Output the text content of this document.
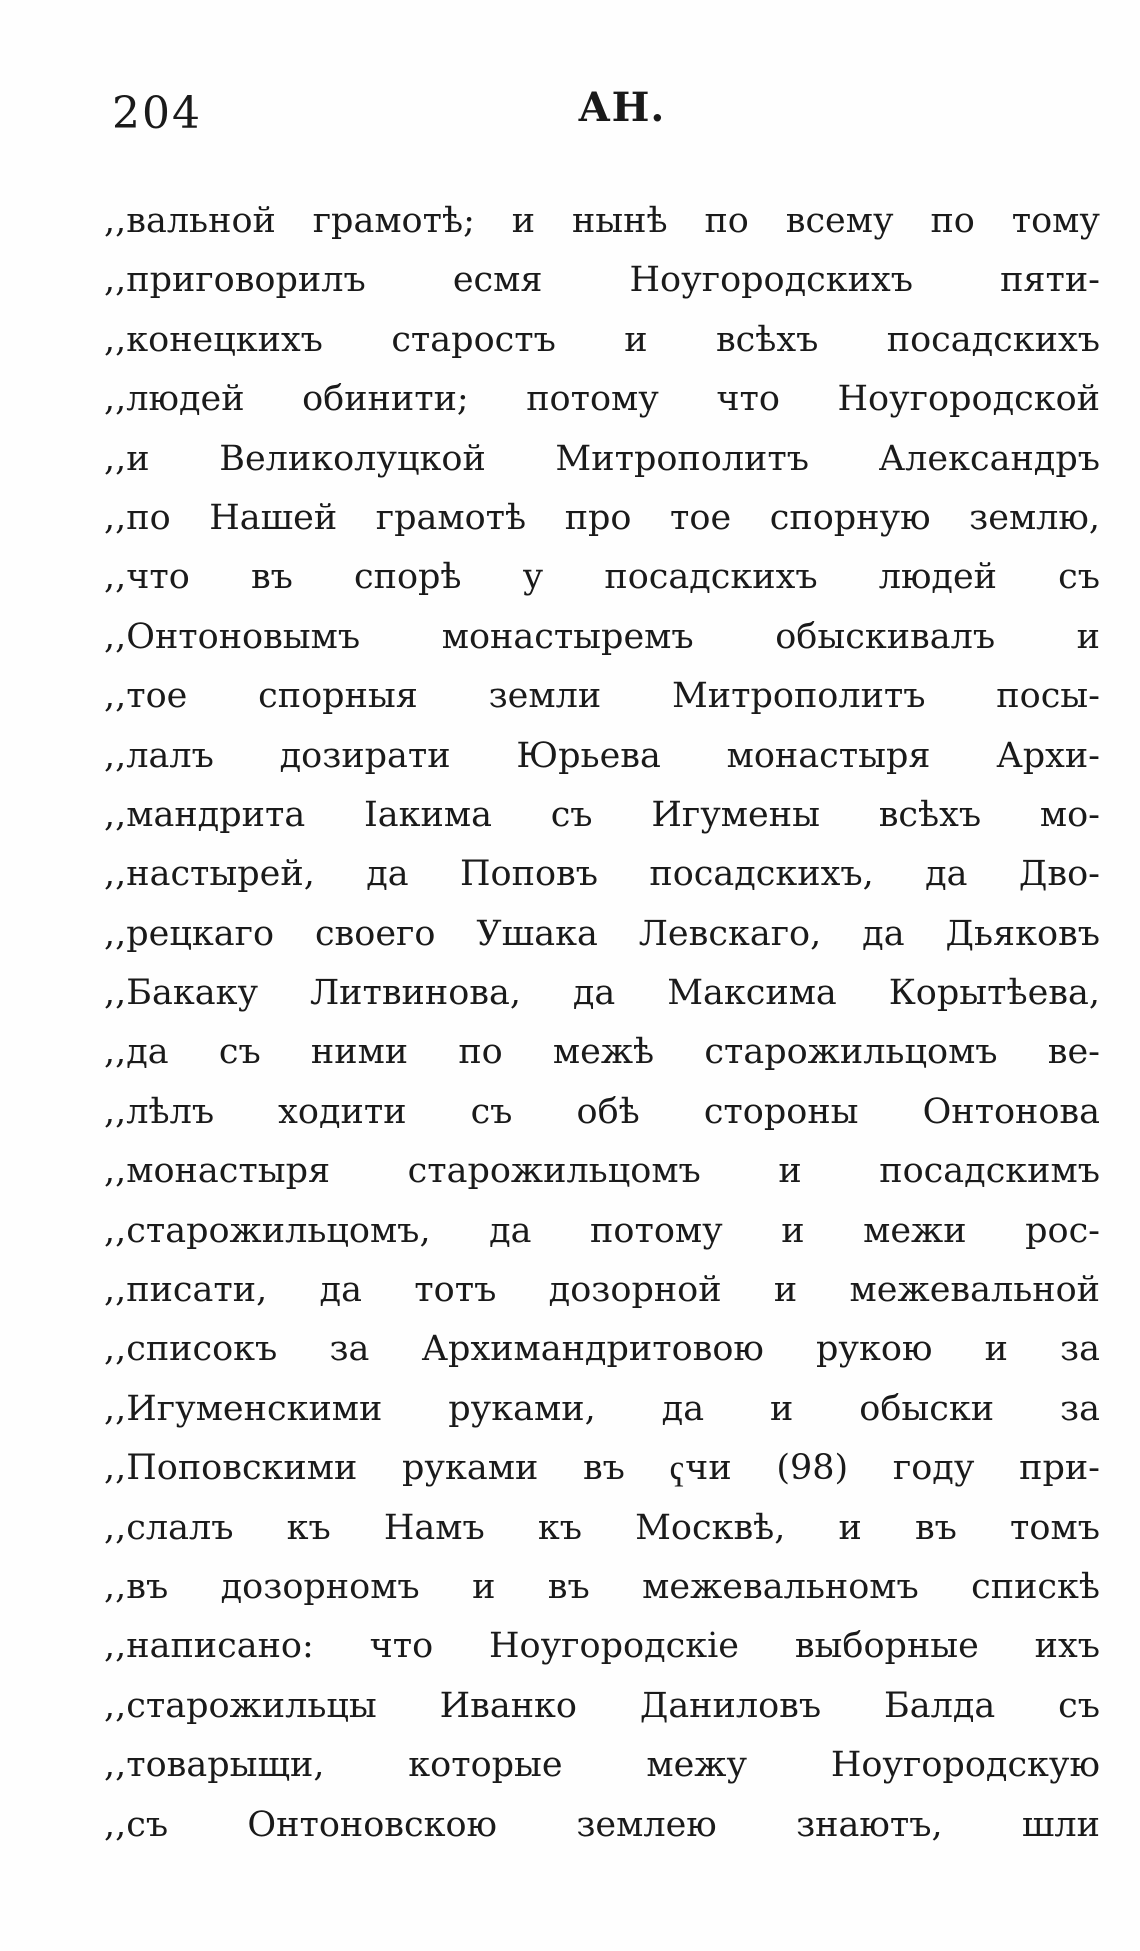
204	АН.
,,вальной грамотѣ; и нынѣ по всему по тому
,,приговорилъ есмя Ноугородскихъ пяти-
,,конецкихъ старостъ и всѣхъ посадскихъ
,,людей обинити; потому что Ноугородской
,,и Великолуцкой Митрополитъ Александръ
,,по Нашей грамотѣ про тое спорную землю,
,,что въ спорѣ у посадскихъ людей съ
,,Онтоновымъ монастыремъ обыскивалъ и
,,тое спорныя земли Митрополитъ посы-
,,лалъ дозирати Юрьева монастыря Архи-
,,мандрита Іакима съ Игумены всѣхъ мо-
,,настырей, да Поповъ посадскихъ, да Дво-
,,рецкаго своего Ушака Левскаго, да Дьяковъ
,,Бакаку Литвинова, да Максима Корытѣева,
,,да съ ними по межѣ старожильцомъ ве-
,,лѣлъ ходити съ обѣ стороны Онтонова
,,монастыря старожильцомъ и посадскимъ
,,старожильцомъ, да потому и межи рос-
,,писати, да тотъ дозорной и межевальной
,,списокъ за Архимандритовою рукою и за
,,Игуменскими руками, да и обыски за
,,Поповскими руками въ ҁчи (98) году при-
,,слалъ къ Намъ къ Москвѣ, и въ томъ
,,въ дозорномъ и въ межевальномъ спискѣ
,,написано: что Ноугородскіе выборные ихъ
,,старожильцы Иванко Даниловъ Балда съ
,,товарыщи, которые межу Ноугородскую
,,съ Онтоновскою землею знаютъ, шли
